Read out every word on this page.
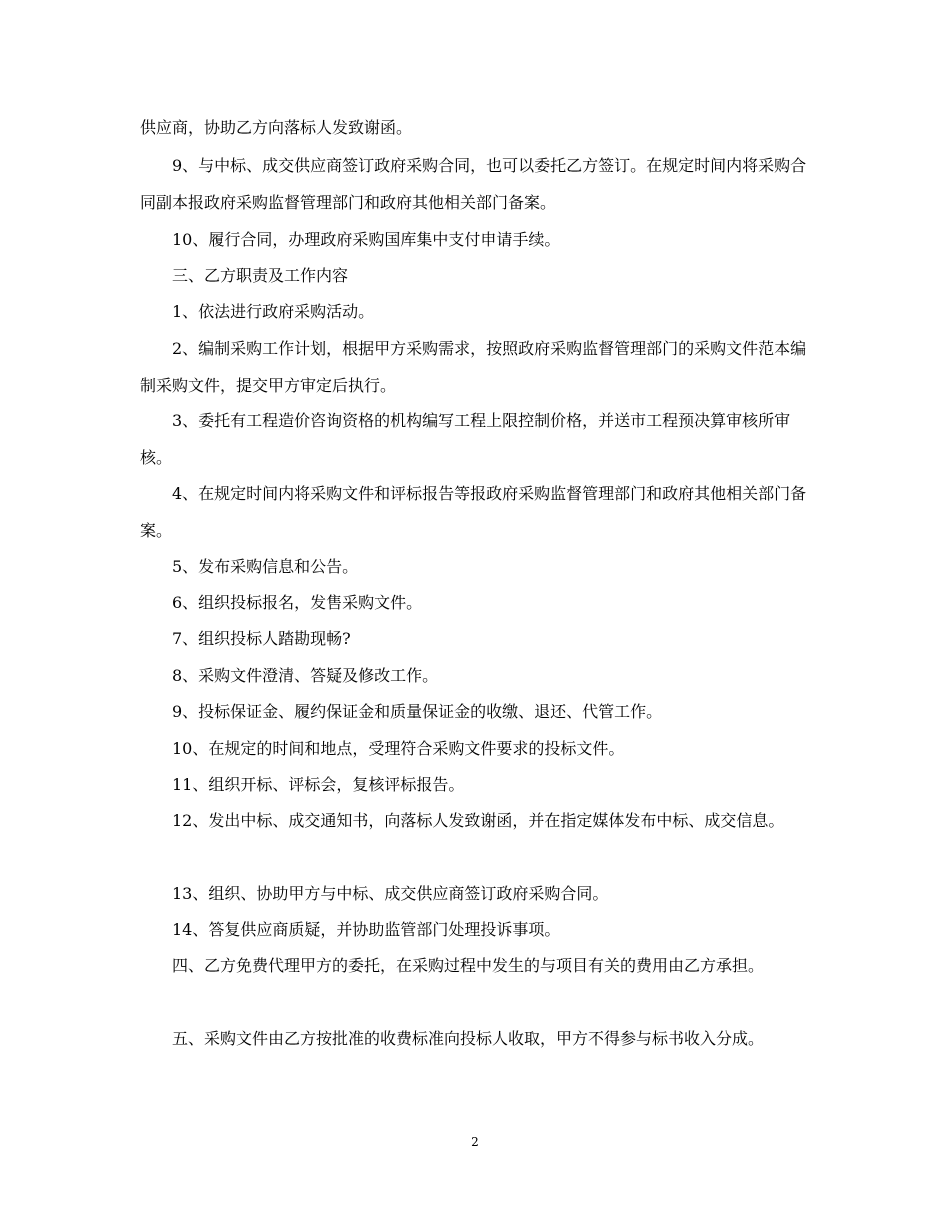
供应商，协助乙方向落标人发致谢函。

9、与中标、成交供应商签订政府采购合同，也可以委托乙方签订。在规定时间内将采购合同副本报政府采购监督管理部门和政府其他相关部门备案。

10、履行合同，办理政府采购国库集中支付申请手续。

三、乙方职责及工作内容

1、依法进行政府采购活动。

2、编制采购工作计划，根据甲方采购需求，按照政府采购监督管理部门的采购文件范本编制采购文件，提交甲方审定后执行。

3、委托有工程造价咨询资格的机构编写工程上限控制价格，并送市工程预决算审核所审核。

4、在规定时间内将采购文件和评标报告等报政府采购监督管理部门和政府其他相关部门备案。

5、发布采购信息和公告。

6、组织投标报名，发售采购文件。

7、组织投标人踏勘现畅?

8、采购文件澄清、答疑及修改工作。

9、投标保证金、履约保证金和质量保证金的收缴、退还、代管工作。

10、在规定的时间和地点，受理符合采购文件要求的投标文件。

11、组织开标、评标会，复核评标报告。

12、发出中标、成交通知书，向落标人发致谢函，并在指定媒体发布中标、成交信息。

13、组织、协助甲方与中标、成交供应商签订政府采购合同。

14、答复供应商质疑，并协助监管部门处理投诉事项。

四、乙方免费代理甲方的委托，在采购过程中发生的与项目有关的费用由乙方承担。

五、采购文件由乙方按批准的收费标准向投标人收取，甲方不得参与标书收入分成。

2
